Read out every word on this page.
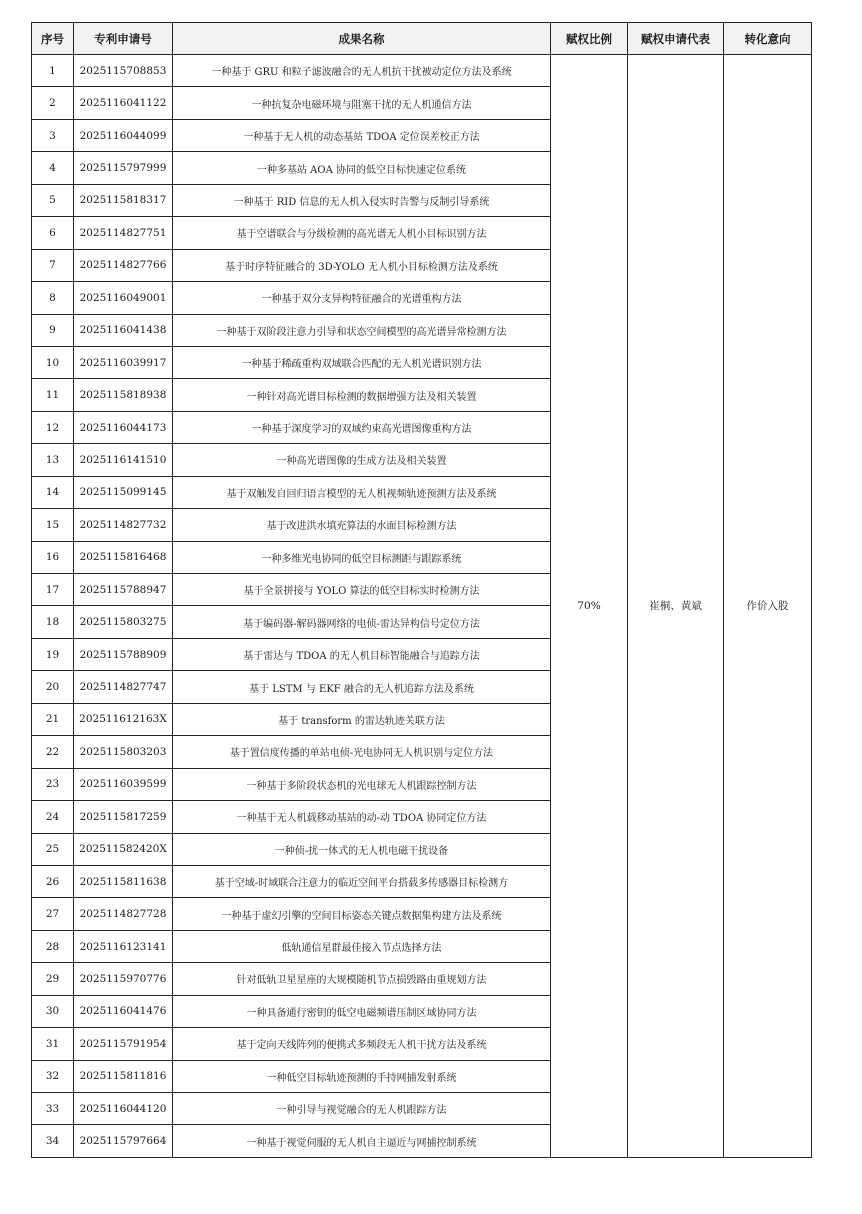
序号	专利申请号	成果名称	赋权比例	赋权申请代表	转化意向
1	2025115708853	一种基于 GRU 和粒子滤波融合的无人机抗干扰被动定位方法及系统	70%	崔桐、黄斌	作价入股
2	2025116041122	一种抗复杂电磁环境与阻塞干扰的无人机通信方法			
3	2025116044099	一种基于无人机的动态基站 TDOA 定位误差校正方法			
4	2025115797999	一种多基站 AOA 协同的低空目标快速定位系统			
5	2025115818317	一种基于 RID 信息的无人机入侵实时告警与反制引导系统			
6	2025114827751	基于空谱联合与分级检测的高光谱无人机小目标识别方法			
7	2025114827766	基于时序特征融合的 3D-YOLO 无人机小目标检测方法及系统			
8	2025116049001	一种基于双分支异构特征融合的光谱重构方法			
9	2025116041438	一种基于双阶段注意力引导和状态空间模型的高光谱异常检测方法			
10	2025116039917	一种基于稀疏重构双域联合匹配的无人机光谱识别方法			
11	2025115818938	一种针对高光谱目标检测的数据增强方法及相关装置			
12	2025116044173	一种基于深度学习的双域约束高光谱图像重构方法			
13	2025116141510	一种高光谱图像的生成方法及相关装置			
14	2025115099145	基于双触发自回归语言模型的无人机视频轨迹预测方法及系统			
15	2025114827732	基于改进洪水填充算法的水面目标检测方法			
16	2025115816468	一种多维光电协同的低空目标测距与跟踪系统			
17	2025115788947	基于全景拼接与 YOLO 算法的低空目标实时检测方法			
18	2025115803275	基于编码器-解码器网络的电侦-雷达异构信号定位方法			
19	2025115788909	基于雷达与 TDOA 的无人机目标智能融合与追踪方法			
20	2025114827747	基于 LSTM 与 EKF 融合的无人机追踪方法及系统			
21	202511612163X	基于 transform 的雷达轨迹关联方法			
22	2025115803203	基于置信度传播的单站电侦-光电协同无人机识别与定位方法			
23	2025116039599	一种基于多阶段状态机的光电球无人机跟踪控制方法			
24	2025115817259	一种基于无人机载移动基站的动-动 TDOA 协同定位方法			
25	202511582420X	一种侦-扰一体式的无人机电磁干扰设备			
26	2025115811638	基于空域-时域联合注意力的临近空间平台搭载多传感器目标检测方			
27	2025114827728	一种基于虚幻引擎的空间目标姿态关键点数据集构建方法及系统			
28	2025116123141	低轨通信星群最佳接入节点选择方法			
29	2025115970776	针对低轨卫星星座的大规模随机节点损毁路由重规划方法			
30	2025116041476	一种具备通行密钥的低空电磁频谱压制区域协同方法			
31	2025115791954	基于定向天线阵列的便携式多频段无人机干扰方法及系统			
32	2025115811816	一种低空目标轨迹预测的手持网捕发射系统			
33	2025116044120	一种引导与视觉融合的无人机跟踪方法			
34	2025115797664	一种基于视觉伺服的无人机自主逼近与网捕控制系统			
